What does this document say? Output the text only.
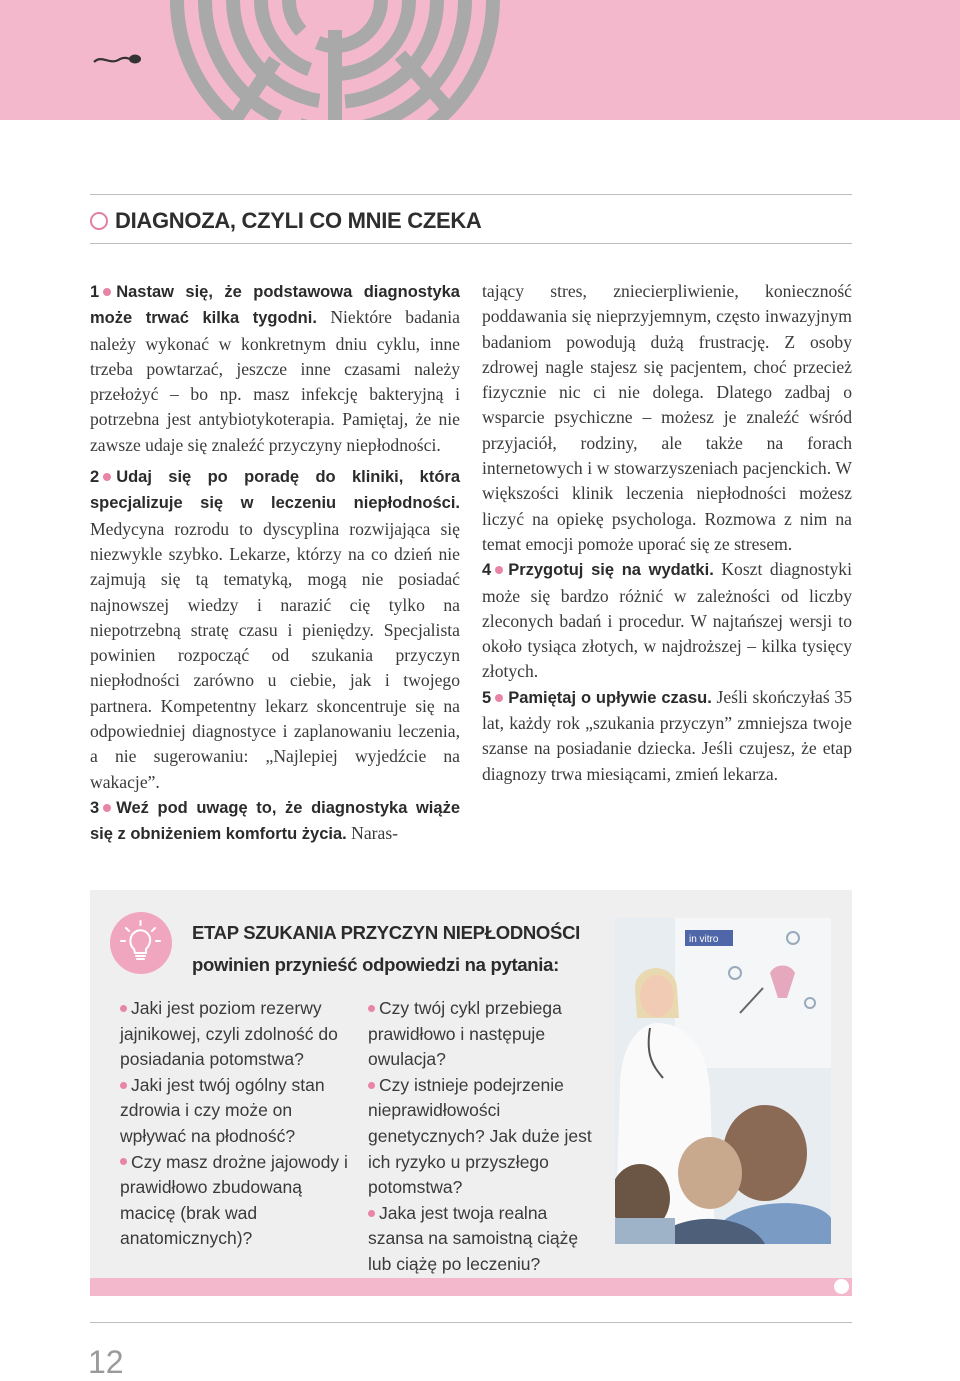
DIAGNOZA, CZYLI CO MNIE CZEKA

1 Nastaw się, że podstawowa diagnostyka może trwać kilka tygodni. Niektóre badania należy wykonać w konkretnym dniu cyklu, inne trzeba powtarzać, jeszcze inne czasami należy przełożyć – bo np. masz infekcję bakteryjną i potrzebna jest antybiotykoterapia. Pamiętaj, że nie zawsze udaje się znaleźć przyczyny niepłodności.

2 Udaj się po poradę do kliniki, która specjalizuje się w leczeniu niepłodności. Medycyna rozrodu to dyscyplina rozwijająca się niezwykle szybko. Lekarze, którzy na co dzień nie zajmują się tą tematyką, mogą nie posiadać najnowszej wiedzy i narazić cię tylko na niepotrzebną stratę czasu i pieniędzy. Specjalista powinien rozpocząć od szukania przyczyn niepłodności zarówno u ciebie, jak i twojego partnera. Kompetentny lekarz skoncentruje się na odpowiedniej diagnostyce i zaplanowaniu leczenia, a nie sugerowaniu: „Najlepiej wyjedźcie na wakacje”.

3 Weź pod uwagę to, że diagnostyka wiąże się z obniżeniem komfortu życia. Naras-

tający stres, zniecierpliwienie, konieczność poddawania się nieprzyjemnym, często inwazyjnym badaniom powodują dużą frustrację. Z osoby zdrowej nagle stajesz się pacjentem, choć przecież fizycznie nic ci nie dolega. Dlatego zadbaj o wsparcie psychiczne – możesz je znaleźć wśród przyjaciół, rodziny, ale także na forach internetowych i w stowarzyszeniach pacjenckich. W większości klinik leczenia niepłodności możesz liczyć na opiekę psychologa. Rozmowa z nim na temat emocji pomoże uporać się ze stresem.

4 Przygotuj się na wydatki. Koszt diagnostyki może się bardzo różnić w zależności od liczby zleconych badań i procedur. W najtańszej wersji to około tysiąca złotych, w najdroższej – kilka tysięcy złotych.

5 Pamiętaj o upływie czasu. Jeśli skończyłaś 35 lat, każdy rok „szukania przyczyn” zmniejsza twoje szanse na posiadanie dziecka. Jeśli czujesz, że etap diagnozy trwa miesiącami, zmień lekarza.

ETAP SZUKANIA PRZYCZYN NIEPŁODNOŚCI
powinien przynieść odpowiedzi na pytania:

Jaki jest poziom rezerwy jajnikowej, czyli zdolność do posiadania potomstwa?

Jaki jest twój ogólny stan zdrowia i czy może on wpływać na płodność?

Czy masz drożne jajowody i prawidłowo zbudowaną macicę (brak wad anatomicznych)?

Czy twój cykl przebiega prawidłowo i następuje owulacja?

Czy istnieje podejrzenie nieprawidłowości genetycznych? Jak duże jest ich ryzyko u przyszłego potomstwa?

Jaka jest twoja realna szansa na samoistną ciążę lub ciążę po leczeniu?

in vitro
12
